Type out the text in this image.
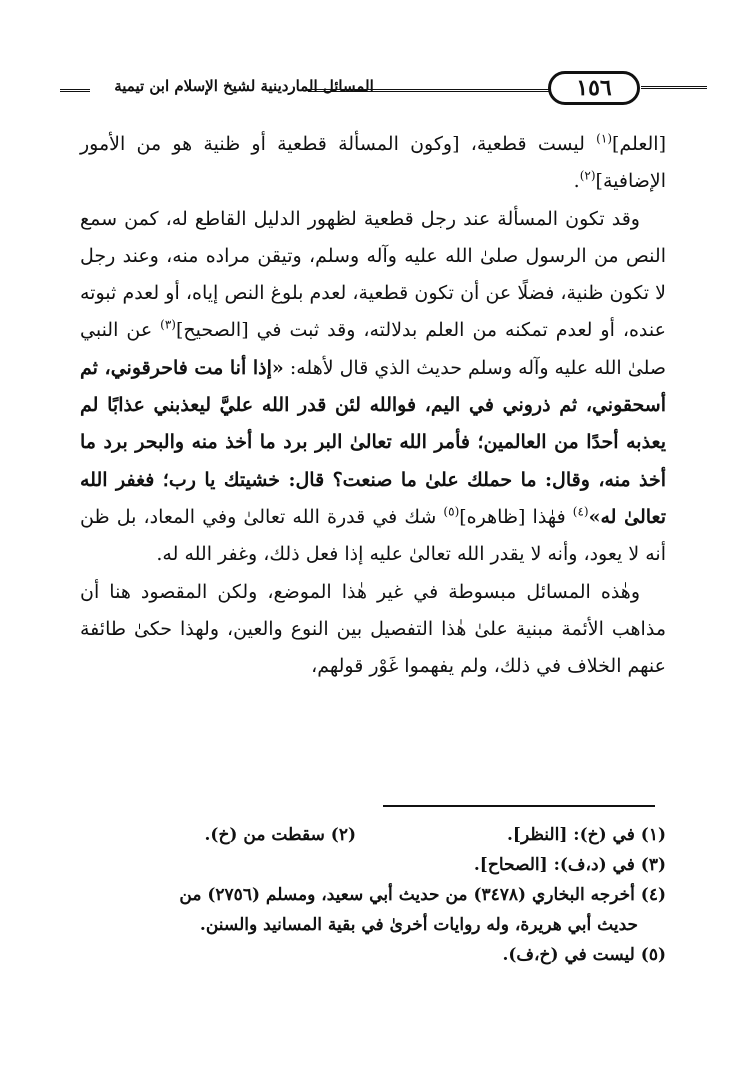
المسائل الماردينية لشيخ الإسلام ابن تيمية	١٥٦

[العلم]$^{(١)}$ ليست قطعية، [وكون المسألة قطعية أو ظنية هو من الأمور الإضافية]$^{(٢)}$.

وقد تكون المسألة عند رجل قطعية لظهور الدليل القاطع له، كمن سمع النص من الرسول صلىٰ الله عليه وآله وسلم، وتيقن مراده منه، وعند رجل لا تكون ظنية، فضلًا عن أن تكون قطعية، لعدم بلوغ النص إياه، أو لعدم ثبوته عنده، أو لعدم تمكنه من العلم بدلالته، وقد ثبت في [الصحيح]$^{(٣)}$ عن النبي صلىٰ الله عليه وآله وسلم حديث الذي قال لأهله: «إذا أنا مت فاحرقوني، ثم أسحقوني، ثم ذروني في اليم، فوالله لئن قدر الله عليَّ ليعذبني عذابًا لم يعذبه أحدًا من العالمين؛ فأمر الله تعالىٰ البر برد ما أخذ منه والبحر برد ما أخذ منه، وقال: ما حملك علىٰ ما صنعت؟ قال: خشيتك يا رب؛ فغفر الله تعالىٰ له»$^{(٤)}$ فهٰذا [ظاهره]$^{(٥)}$ شك في قدرة الله تعالىٰ وفي المعاد، بل ظن أنه لا يعود، وأنه لا يقدر الله تعالىٰ عليه إذا فعل ذلك، وغفر الله له.

وهٰذه المسائل مبسوطة في غير هٰذا الموضع، ولكن المقصود هنا أن مذاهب الأئمة مبنية علىٰ هٰذا التفصيل بين النوع والعين، ولهذا حكىٰ طائفة عنهم الخلاف في ذلك، ولم يفهموا غَوْر قولهم،

(١) في (خ): [النظر].
(٢) سقطت من (خ).

(٣) في (د،ف): [الصحاح].

(٤) أخرجه البخاري (٣٤٧٨) من حديث أبي سعيد، ومسلم (٢٧٥٦) من

حديث أبي هريرة، وله روايات أخرىٰ في بقية المسانيد والسنن.

(٥) ليست في (خ،ف).
